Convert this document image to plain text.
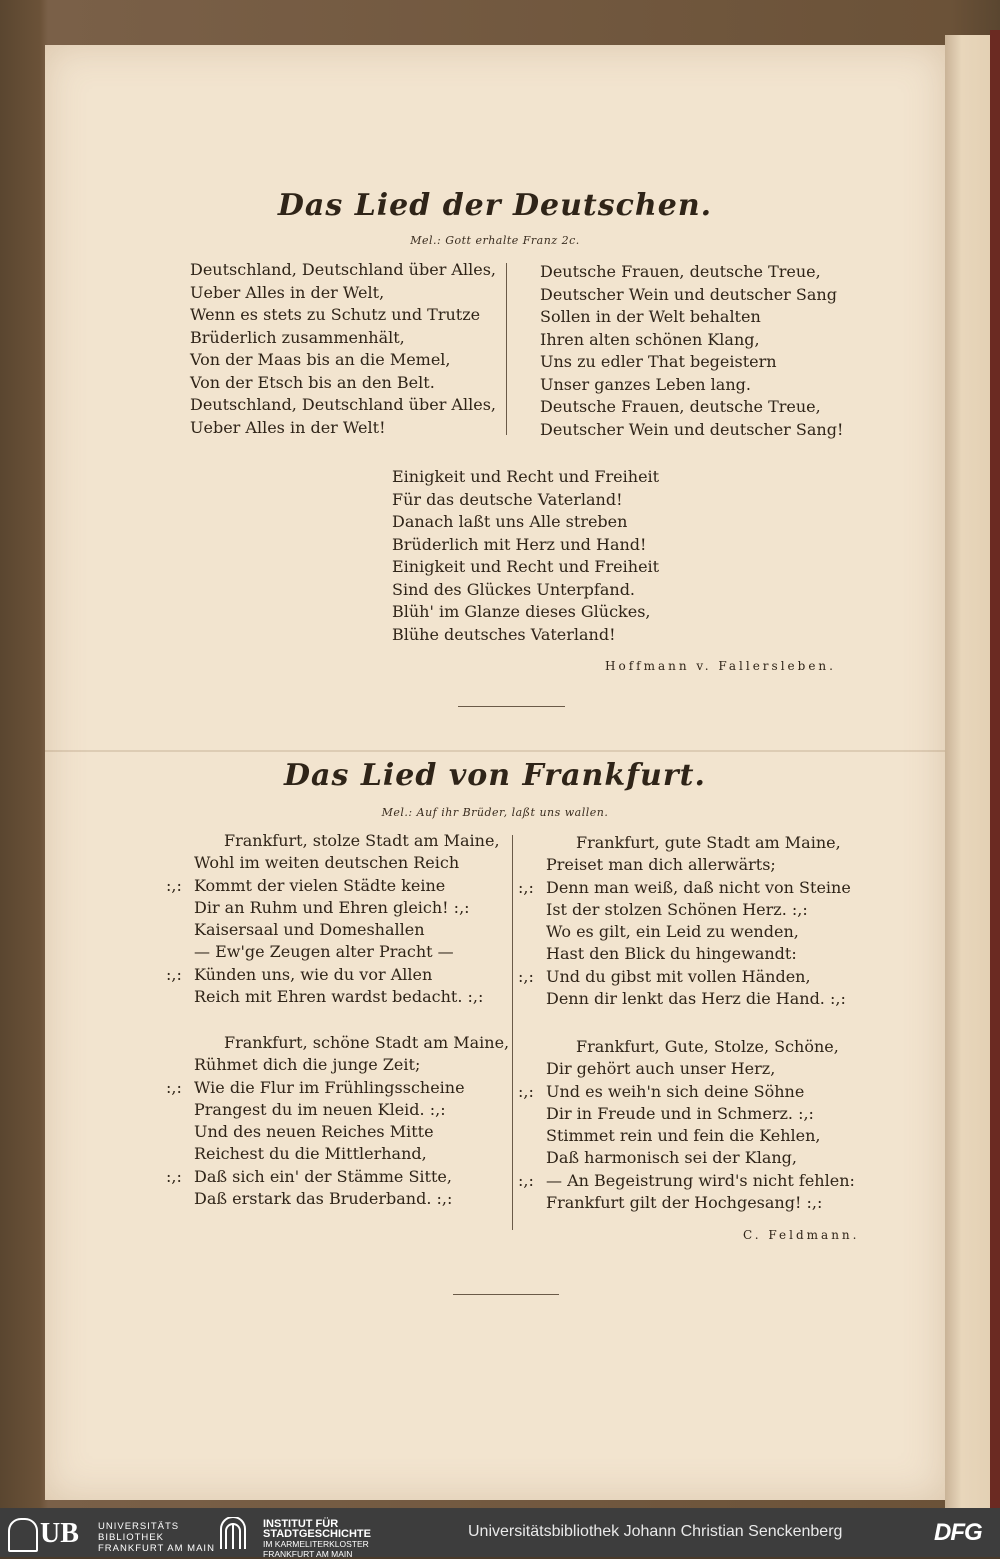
Das Lied der Deutschen.
Mel.: Gott erhalte Franz 2c.
Deutschland, Deutschland über Alles,
Ueber Alles in der Welt,
Wenn es stets zu Schutz und Trutze
Brüderlich zusammenhält,
Von der Maas bis an die Memel,
Von der Etsch bis an den Belt.
Deutschland, Deutschland über Alles,
Ueber Alles in der Welt!
Deutsche Frauen, deutsche Treue,
Deutscher Wein und deutscher Sang
Sollen in der Welt behalten
Ihren alten schönen Klang,
Uns zu edler That begeistern
Unser ganzes Leben lang.
Deutsche Frauen, deutsche Treue,
Deutscher Wein und deutscher Sang!
Einigkeit und Recht und Freiheit
Für das deutsche Vaterland!
Danach laßt uns Alle streben
Brüderlich mit Herz und Hand!
Einigkeit und Recht und Freiheit
Sind des Glückes Unterpfand.
Blüh' im Glanze dieses Glückes,
Blühe deutsches Vaterland!
Hoffmann v. Fallersleben.
Das Lied von Frankfurt.
Mel.: Auf ihr Brüder, laßt uns wallen.
Frankfurt, stolze Stadt am Maine,
Wohl im weiten deutschen Reich
:,: Kommt der vielen Städte keine
Dir an Ruhm und Ehren gleich! :,:
Kaisersaal und Domeshallen
— Ew'ge Zeugen alter Pracht —
:,: Künden uns, wie du vor Allen
Reich mit Ehren wardst bedacht. :,:
Frankfurt, schöne Stadt am Maine,
Rühmet dich die junge Zeit;
:,: Wie die Flur im Frühlingsscheine
Prangest du im neuen Kleid. :,:
Und des neuen Reiches Mitte
Reichest du die Mittlerhand,
:,: Daß sich ein' der Stämme Sitte,
Daß erstark das Bruderband. :,:
Frankfurt, gute Stadt am Maine,
Preiset man dich allerwärts;
:,: Denn man weiß, daß nicht von Steine
Ist der stolzen Schönen Herz. :,:
Wo es gilt, ein Leid zu wenden,
Hast den Blick du hingewandt:
:,: Und du gibst mit vollen Händen,
Denn dir lenkt das Herz die Hand. :,:
Frankfurt, Gute, Stolze, Schöne,
Dir gehört auch unser Herz,
:,: Und es weih'n sich deine Söhne
Dir in Freude und in Schmerz. :,:
Stimmet rein und fein die Kehlen,
Daß harmonisch sei der Klang,
:,: — An Begeistrung wird's nicht fehlen:
Frankfurt gilt der Hochgesang! :,:
C. Feldmann.
UB UNIVERSITÄTS
BIBLIOTHEK
FRANKFURT AM MAIN
INSTITUT FÜR
STADTGESCHICHTE
IM KARMELITERKLOSTER
FRANKFURT AM MAIN
Universitätsbibliothek Johann Christian Senckenberg	DFG
